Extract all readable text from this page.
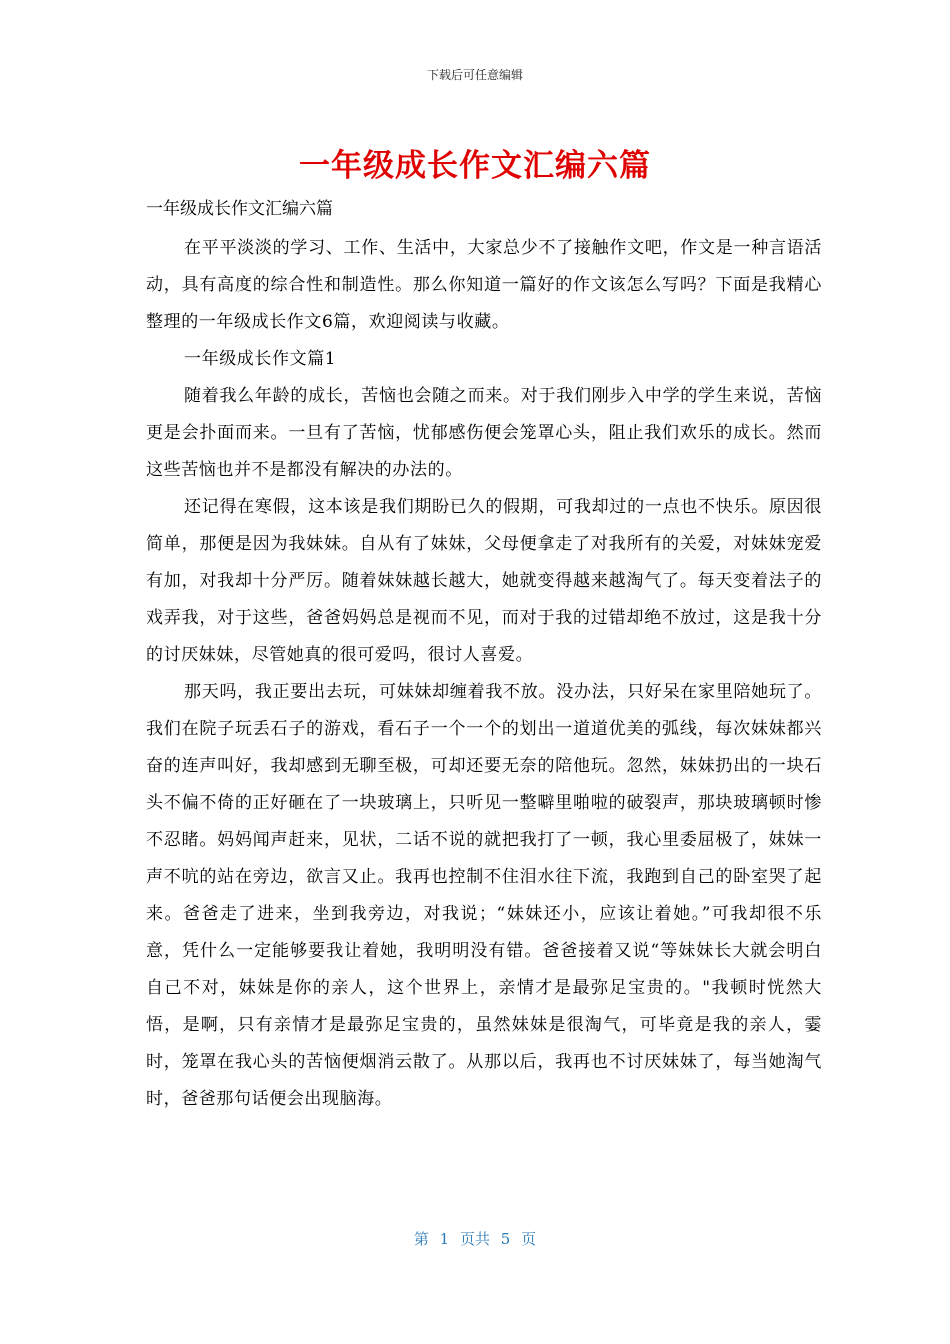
下载后可任意编辑
一年级成长作文汇编六篇

一年级成长作文汇编六篇

在平平淡淡的学习、工作、生活中，大家总少不了接触作文吧，作文是一种言语活动，具有高度的综合性和制造性。那么你知道一篇好的作文该怎么写吗？下面是我精心整理的一年级成长作文6篇，欢迎阅读与收藏。

一年级成长作文篇1

随着我么年龄的成长，苦恼也会随之而来。对于我们刚步入中学的学生来说，苦恼更是会扑面而来。一旦有了苦恼，忧郁感伤便会笼罩心头，阻止我们欢乐的成长。然而这些苦恼也并不是都没有解决的办法的。

还记得在寒假，这本该是我们期盼已久的假期，可我却过的一点也不快乐。原因很简单，那便是因为我妹妹。自从有了妹妹，父母便拿走了对我所有的关爱，对妹妹宠爱有加，对我却十分严厉。随着妹妹越长越大，她就变得越来越淘气了。每天变着法子的戏弄我，对于这些，爸爸妈妈总是视而不见，而对于我的过错却绝不放过，这是我十分的讨厌妹妹，尽管她真的很可爱吗，很讨人喜爱。

那天吗，我正要出去玩，可妹妹却缠着我不放。没办法，只好呆在家里陪她玩了。我们在院子玩丢石子的游戏，看石子一个一个的划出一道道优美的弧线，每次妹妹都兴奋的连声叫好，我却感到无聊至极，可却还要无奈的陪他玩。忽然，妹妹扔出的一块石头不偏不倚的正好砸在了一块玻璃上，只听见一整噼里啪啦的破裂声，那块玻璃顿时惨不忍睹。妈妈闻声赶来，见状，二话不说的就把我打了一顿，我心里委屈极了，妹妹一声不吭的站在旁边，欲言又止。我再也控制不住泪水往下流，我跑到自己的卧室哭了起来。爸爸走了进来，坐到我旁边，对我说；“妹妹还小，应该让着她。”可我却很不乐意，凭什么一定能够要我让着她，我明明没有错。爸爸接着又说“等妹妹长大就会明白自己不对，妹妹是你的亲人，这个世界上，亲情才是最弥足宝贵的。"我顿时恍然大悟，是啊，只有亲情才是最弥足宝贵的，虽然妹妹是很淘气，可毕竟是我的亲人，霎时，笼罩在我心头的苦恼便烟消云散了。从那以后，我再也不讨厌妹妹了，每当她淘气时，爸爸那句话便会出现脑海。

第 1 页共 5 页
